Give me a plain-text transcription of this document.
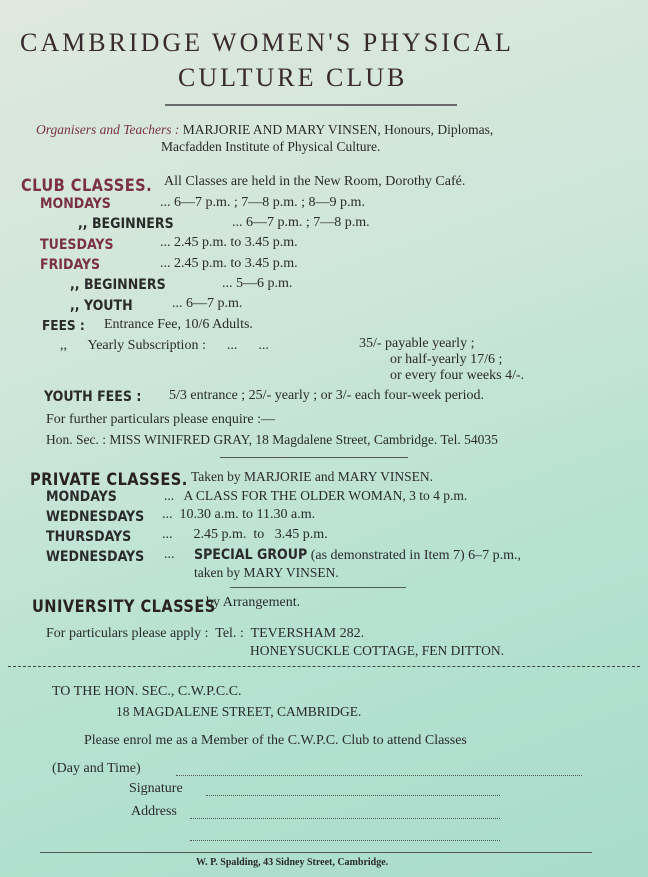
CAMBRIDGE WOMEN'S PHYSICAL
CULTURE CLUB
Organisers and Teachers : MARJORIE AND MARY VINSEN, Honours, Diplomas,
Macfadden Institute of Physical Culture.
CLUB CLASSES. All Classes are held in the New Room, Dorothy Café.
MONDAYS	... 6—7 p.m. ; 7—8 p.m. ; 8—9 p.m.
,, BEGINNERS	... 6—7 p.m. ; 7—8 p.m.
TUESDAYS	... 2.45 p.m. to 3.45 p.m.
FRIDAYS	... 2.45 p.m. to 3.45 p.m.
,, BEGINNERS	... 5—6 p.m.
,, YOUTH	... 6—7 p.m.
FEES : Entrance Fee, 10/6 Adults.
,,      Yearly Subscription :      ...      ...	35/- payable yearly ;
or half-yearly 17/6 ;
or every four weeks 4/-.
YOUTH FEES : 5/3 entrance ; 25/- yearly ; or 3/- each four-week period.
For further particulars please enquire :—
Hon. Sec. : MISS WINIFRED GRAY, 18 Magdalene Street, Cambridge. Tel. 54035
PRIVATE CLASSES. Taken by MARJORIE and MARY VINSEN.
MONDAYS	...   A CLASS FOR THE OLDER WOMAN, 3 to 4 p.m.
WEDNESDAYS ...  10.30 a.m. to 11.30 a.m.
THURSDAYS ...      2.45 p.m.  to   3.45 p.m.
WEDNESDAYS ... SPECIAL GROUP (as demonstrated in Item 7) 6–7 p.m.,
taken by MARY VINSEN.
UNIVERSITY CLASSES
by Arrangement.
For particulars please apply :  Tel. :  TEVERSHAM 282.
HONEYSUCKLE COTTAGE, FEN DITTON.
TO THE HON. SEC., C.W.P.C.C.
18 MAGDALENE STREET, CAMBRIDGE.
Please enrol me as a Member of the C.W.P.C. Club to attend Classes
(Day and Time)
Signature
Address
W. P. Spalding, 43 Sidney Street, Cambridge.
